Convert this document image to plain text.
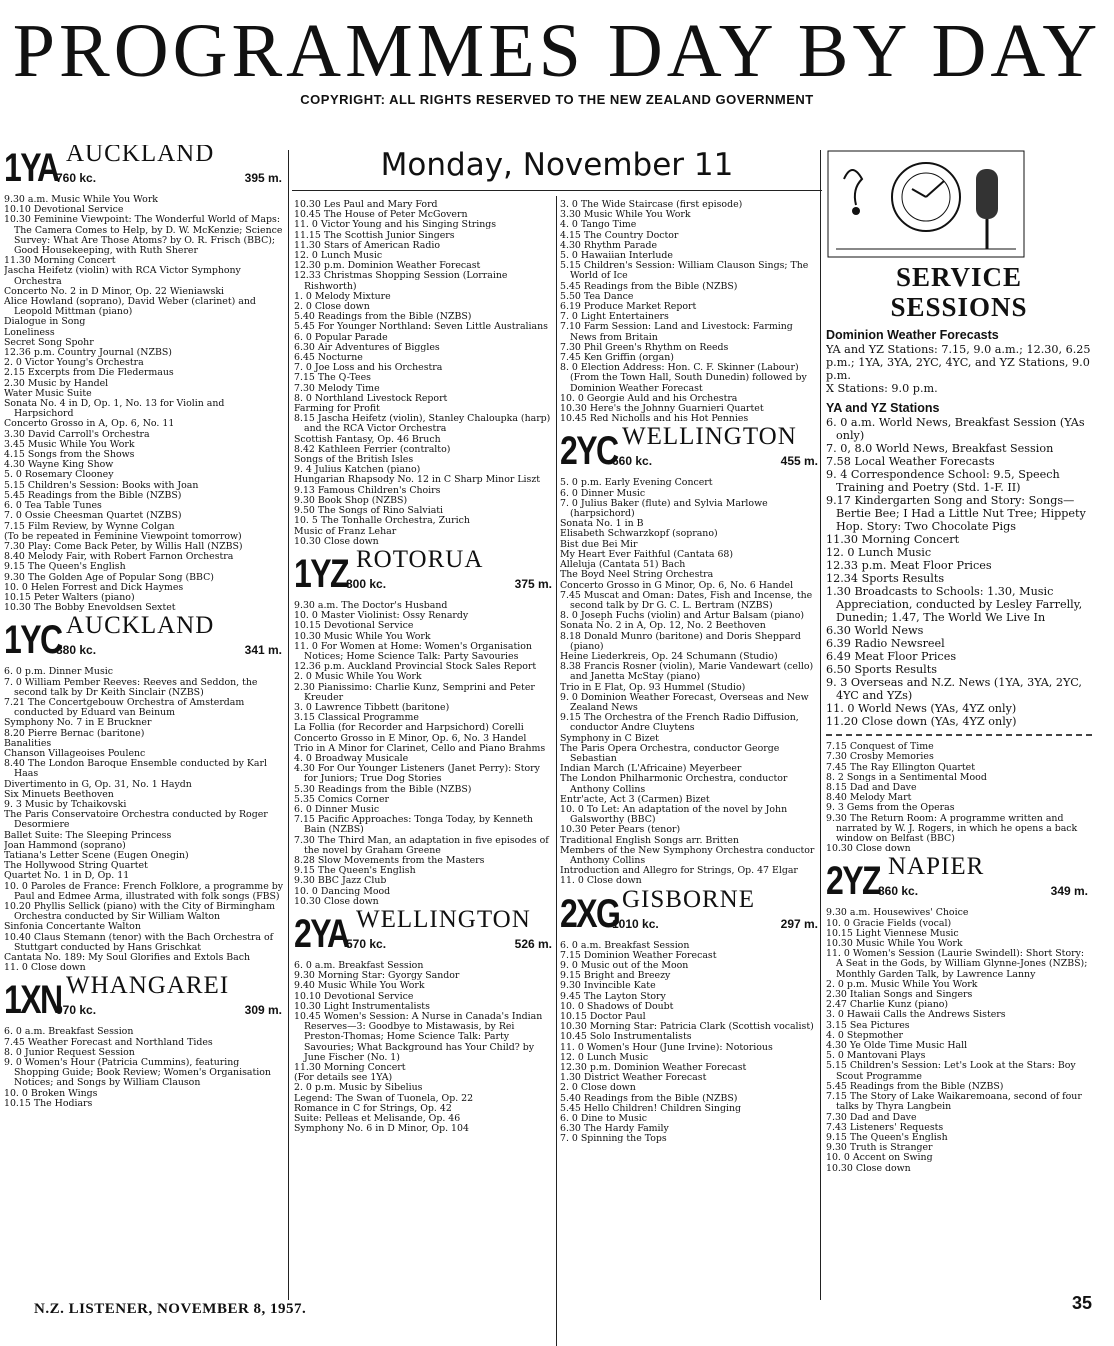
PROGRAMMES DAY BY DAY
COPYRIGHT: ALL RIGHTS RESERVED TO THE NEW ZEALAND GOVERNMENT
Monday, November 11
1YA AUCKLAND
760 kc.	395 m.

9.30 a.m. Music While You Work

10.10 Devotional Service

10.30 Feminine Viewpoint: The Wonderful World of Maps: The Camera Comes to Help, by D. W. McKenzie; Science Survey: What Are Those Atoms? by O. R. Frisch (BBC); Good Housekeeping, with Ruth Sherer

11.30 Morning Concert

Jascha Heifetz (violin) with RCA Victor Symphony Orchestra

Concerto No. 2 in D Minor, Op. 22 Wieniawski

Alice Howland (soprano), David Weber (clarinet) and Leopold Mittman (piano)

Dialogue in Song

Loneliness

Secret Song Spohr

12.36 p.m. Country Journal (NZBS)

2. 0 Victor Young's Orchestra

2.15 Excerpts from Die Fledermaus

2.30 Music by Handel

Water Music Suite

Sonata No. 4 in D, Op. 1, No. 13 for Violin and Harpsichord

Concerto Grosso in A, Op. 6, No. 11

3.30 David Carroll's Orchestra

3.45 Music While You Work

4.15 Songs from the Shows

4.30 Wayne King Show

5. 0 Rosemary Clooney

5.15 Children's Session: Books with Joan

5.45 Readings from the Bible (NZBS)

6. 0 Tea Table Tunes

7. 0 Ossie Cheesman Quartet (NZBS)

7.15 Film Review, by Wynne Colgan

(To be repeated in Feminine Viewpoint tomorrow)

7.30 Play: Come Back Peter, by Willis Hall (NZBS)

8.40 Melody Fair, with Robert Farnon Orchestra

9.15 The Queen's English

9.30 The Golden Age of Popular Song (BBC)

10. 0 Helen Forrest and Dick Haymes

10.15 Peter Walters (piano)

10.30 The Bobby Enevoldsen Sextet

1YC AUCKLAND
880 kc.	341 m.

6. 0 p.m. Dinner Music

7. 0 William Pember Reeves: Reeves and Seddon, the second talk by Dr Keith Sinclair (NZBS)

7.21 The Concertgebouw Orchestra of Amsterdam conducted by Eduard van Beinum

Symphony No. 7 in E Bruckner

8.20 Pierre Bernac (baritone)

Banalities

Chanson Villageoises Poulenc

8.40 The London Baroque Ensemble conducted by Karl Haas

Divertimento in G, Op. 31, No. 1 Haydn

Six Minuets Beethoven

9. 3 Music by Tchaikovski

The Paris Conservatoire Orchestra conducted by Roger Desormiere

Ballet Suite: The Sleeping Princess

Joan Hammond (soprano)

Tatiana's Letter Scene (Eugen Onegin)

The Hollywood String Quartet

Quartet No. 1 in D, Op. 11

10. 0 Paroles de France: French Folklore, a programme by Paul and Edmee Arma, illustrated with folk songs (FBS)

10.20 Phyllis Sellick (piano) with the City of Birmingham Orchestra conducted by Sir William Walton

Sinfonia Concertante Walton

10.40 Claus Stemann (tenor) with the Bach Orchestra of Stuttgart conducted by Hans Grischkat

Cantata No. 189: My Soul Glorifies and Extols Bach

11. 0 Close down

1XN WHANGAREI
970 kc.	309 m.

6. 0 a.m. Breakfast Session

7.45 Weather Forecast and Northland Tides

8. 0 Junior Request Session

9. 0 Women's Hour (Patricia Cummins), featuring Shopping Guide; Book Review; Women's Organisation Notices; and Songs by William Clauson

10. 0 Broken Wings

10.15 The Hodiars

10.30 Les Paul and Mary Ford

10.45 The House of Peter McGovern

11. 0 Victor Young and his Singing Strings

11.15 The Scottish Junior Singers

11.30 Stars of American Radio

12. 0 Lunch Music

12.30 p.m. Dominion Weather Forecast

12.33 Christmas Shopping Session (Lorraine Rishworth)

1. 0 Melody Mixture

2. 0 Close down

5.40 Readings from the Bible (NZBS)

5.45 For Younger Northland: Seven Little Australians

6. 0 Popular Parade

6.30 Air Adventures of Biggles

6.45 Nocturne

7. 0 Joe Loss and his Orchestra

7.15 The Q-Tees

7.30 Melody Time

8. 0 Northland Livestock Report

Farming for Profit

8.15 Jascha Heifetz (violin), Stanley Chaloupka (harp) and the RCA Victor Orchestra

Scottish Fantasy, Op. 46 Bruch

8.42 Kathleen Ferrier (contralto)

Songs of the British Isles

9. 4 Julius Katchen (piano)

Hungarian Rhapsody No. 12 in C Sharp Minor Liszt

9.13 Famous Children's Choirs

9.30 Book Shop (NZBS)

9.50 The Songs of Rino Salviati

10. 5 The Tonhalle Orchestra, Zurich

Music of Franz Lehar

10.30 Close down

1YZ ROTORUA
800 kc.	375 m.

9.30 a.m. The Doctor's Husband

10. 0 Master Violinist: Ossy Renardy

10.15 Devotional Service

10.30 Music While You Work

11. 0 For Women at Home: Women's Organisation Notices; Home Science Talk: Party Savouries

12.36 p.m. Auckland Provincial Stock Sales Report

2. 0 Music While You Work

2.30 Pianissimo: Charlie Kunz, Semprini and Peter Kreuder

3. 0 Lawrence Tibbett (baritone)

3.15 Classical Programme

La Follia (for Recorder and Harpsichord) Corelli

Concerto Grosso in E Minor, Op. 6, No. 3 Handel

Trio in A Minor for Clarinet, Cello and Piano Brahms

4. 0 Broadway Musicale

4.30 For Our Younger Listeners (Janet Perry): Story for Juniors; True Dog Stories

5.30 Readings from the Bible (NZBS)

5.35 Comics Corner

6. 0 Dinner Music

7.15 Pacific Approaches: Tonga Today, by Kenneth Bain (NZBS)

7.30 The Third Man, an adaptation in five episodes of the novel by Graham Greene

8.28 Slow Movements from the Masters

9.15 The Queen's English

9.30 BBC Jazz Club

10. 0 Dancing Mood

10.30 Close down

2YA WELLINGTON
570 kc.	526 m.

6. 0 a.m. Breakfast Session

9.30 Morning Star: Gyorgy Sandor

9.40 Music While You Work

10.10 Devotional Service

10.30 Light Instrumentalists

10.45 Women's Session: A Nurse in Canada's Indian Reserves—3: Goodbye to Mistawasis, by Rei Preston-Thomas; Home Science Talk: Party Savouries; What Background has Your Child? by June Fischer (No. 1)

11.30 Morning Concert

(For details see 1YA)

2. 0 p.m. Music by Sibelius

Legend: The Swan of Tuonela, Op. 22

Romance in C for Strings, Op. 42

Suite: Pelleas et Melisande, Op. 46

Symphony No. 6 in D Minor, Op. 104

3. 0 The Wide Staircase (first episode)

3.30 Music While You Work

4. 0 Tango Time

4.15 The Country Doctor

4.30 Rhythm Parade

5. 0 Hawaiian Interlude

5.15 Children's Session: William Clauson Sings; The World of Ice

5.45 Readings from the Bible (NZBS)

5.50 Tea Dance

6.19 Produce Market Report

7. 0 Light Entertainers

7.10 Farm Session: Land and Livestock: Farming News from Britain

7.30 Phil Green's Rhythm on Reeds

7.45 Ken Griffin (organ)

8. 0 Election Address: Hon. C. F. Skinner (Labour) (From the Town Hall, South Dunedin) followed by Dominion Weather Forecast

10. 0 Georgie Auld and his Orchestra

10.30 Here's the Johnny Guarnieri Quartet

10.45 Red Nicholls and his Hot Pennies

2YC WELLINGTON
660 kc.	455 m.

5. 0 p.m. Early Evening Concert

6. 0 Dinner Music

7. 0 Julius Baker (flute) and Sylvia Marlowe (harpsichord)

Sonata No. 1 in B

Elisabeth Schwarzkopf (soprano)

Bist due Bei Mir

My Heart Ever Faithful (Cantata 68)

Alleluja (Cantata 51) Bach

The Boyd Neel String Orchestra

Concerto Grosso in G Minor, Op. 6, No. 6 Handel

7.45 Muscat and Oman: Dates, Fish and Incense, the second talk by Dr G. C. L. Bertram (NZBS)

8. 0 Joseph Fuchs (violin) and Artur Balsam (piano)

Sonata No. 2 in A, Op. 12, No. 2 Beethoven

8.18 Donald Munro (baritone) and Doris Sheppard (piano)

Heine Liederkreis, Op. 24 Schumann (Studio)

8.38 Francis Rosner (violin), Marie Vandewart (cello) and Janetta McStay (piano)

Trio in E Flat, Op. 93 Hummel (Studio)

9. 0 Dominion Weather Forecast, Overseas and New Zealand News

9.15 The Orchestra of the French Radio Diffusion, conductor Andre Cluytens

Symphony in C Bizet

The Paris Opera Orchestra, conductor George Sebastian

Indian March (L'Africaine) Meyerbeer

The London Philharmonic Orchestra, conductor Anthony Collins

Entr'acte, Act 3 (Carmen) Bizet

10. 0 To Let: An adaptation of the novel by John Galsworthy (BBC)

10.30 Peter Pears (tenor)

Traditional English Songs arr. Britten

Members of the New Symphony Orchestra conductor Anthony Collins

Introduction and Allegro for Strings, Op. 47 Elgar

11. 0 Close down

2XG GISBORNE
1010 kc.	297 m.

6. 0 a.m. Breakfast Session

7.15 Dominion Weather Forecast

9. 0 Music out of the Moon

9.15 Bright and Breezy

9.30 Invincible Kate

9.45 The Layton Story

10. 0 Shadows of Doubt

10.15 Doctor Paul

10.30 Morning Star: Patricia Clark (Scottish vocalist)

10.45 Solo Instrumentalists

11. 0 Women's Hour (June Irvine): Notorious

12. 0 Lunch Music

12.30 p.m. Dominion Weather Forecast

1.30 District Weather Forecast

2. 0 Close down

5.40 Readings from the Bible (NZBS)

5.45 Hello Children! Children Singing

6. 0 Dine to Music

6.30 The Hardy Family

7. 0 Spinning the Tops

SERVICE SESSIONS
Dominion Weather Forecasts
YA and YZ Stations: 7.15, 9.0 a.m.; 12.30, 6.25 p.m.; 1YA, 3YA, 2YC, 4YC, and YZ Stations, 9.0 p.m.
X Stations: 9.0 p.m.
YA and YZ Stations

6. 0 a.m. World News, Breakfast Session (YAs only)

7. 0, 8.0 World News, Breakfast Session

7.58 Local Weather Forecasts

9. 4 Correspondence School: 9.5, Speech Training and Poetry (Std. 1-F. II)

9.17 Kindergarten Song and Story: Songs—Bertie Bee; I Had a Little Nut Tree; Hippety Hop. Story: Two Chocolate Pigs

11.30 Morning Concert

12. 0 Lunch Music

12.33 p.m. Meat Floor Prices

12.34 Sports Results

1.30 Broadcasts to Schools: 1.30, Music Appreciation, conducted by Lesley Farrelly, Dunedin; 1.47, The World We Live In

6.30 World News

6.39 Radio Newsreel

6.49 Meat Floor Prices

6.50 Sports Results

9. 3 Overseas and N.Z. News (1YA, 3YA, 2YC, 4YC and YZs)

11. 0 World News (YAs, 4YZ only)

11.20 Close down (YAs, 4YZ only)

7.15 Conquest of Time

7.30 Crosby Memories

7.45 The Ray Ellington Quartet

8. 2 Songs in a Sentimental Mood

8.15 Dad and Dave

8.40 Melody Mart

9. 3 Gems from the Operas

9.30 The Return Room: A programme written and narrated by W. J. Rogers, in which he opens a back window on Belfast (BBC)

10.30 Close down

2YZ NAPIER
860 kc.	349 m.

9.30 a.m. Housewives' Choice

10. 0 Gracie Fields (vocal)

10.15 Light Viennese Music

10.30 Music While You Work

11. 0 Women's Session (Laurie Swindell): Short Story: A Seat in the Gods, by William Glynne-Jones (NZBS); Monthly Garden Talk, by Lawrence Lanny

2. 0 p.m. Music While You Work

2.30 Italian Songs and Singers

2.47 Charlie Kunz (piano)

3. 0 Hawaii Calls the Andrews Sisters

3.15 Sea Pictures

4. 0 Stepmother

4.30 Ye Olde Time Music Hall

5. 0 Mantovani Plays

5.15 Children's Session: Let's Look at the Stars: Boy Scout Programme

5.45 Readings from the Bible (NZBS)

7.15 The Story of Lake Waikaremoana, second of four talks by Thyra Langbein

7.30 Dad and Dave

7.43 Listeners' Requests

9.15 The Queen's English

9.30 Truth is Stranger

10. 0 Accent on Swing

10.30 Close down

N.Z. LISTENER, NOVEMBER 8, 1957.	35
